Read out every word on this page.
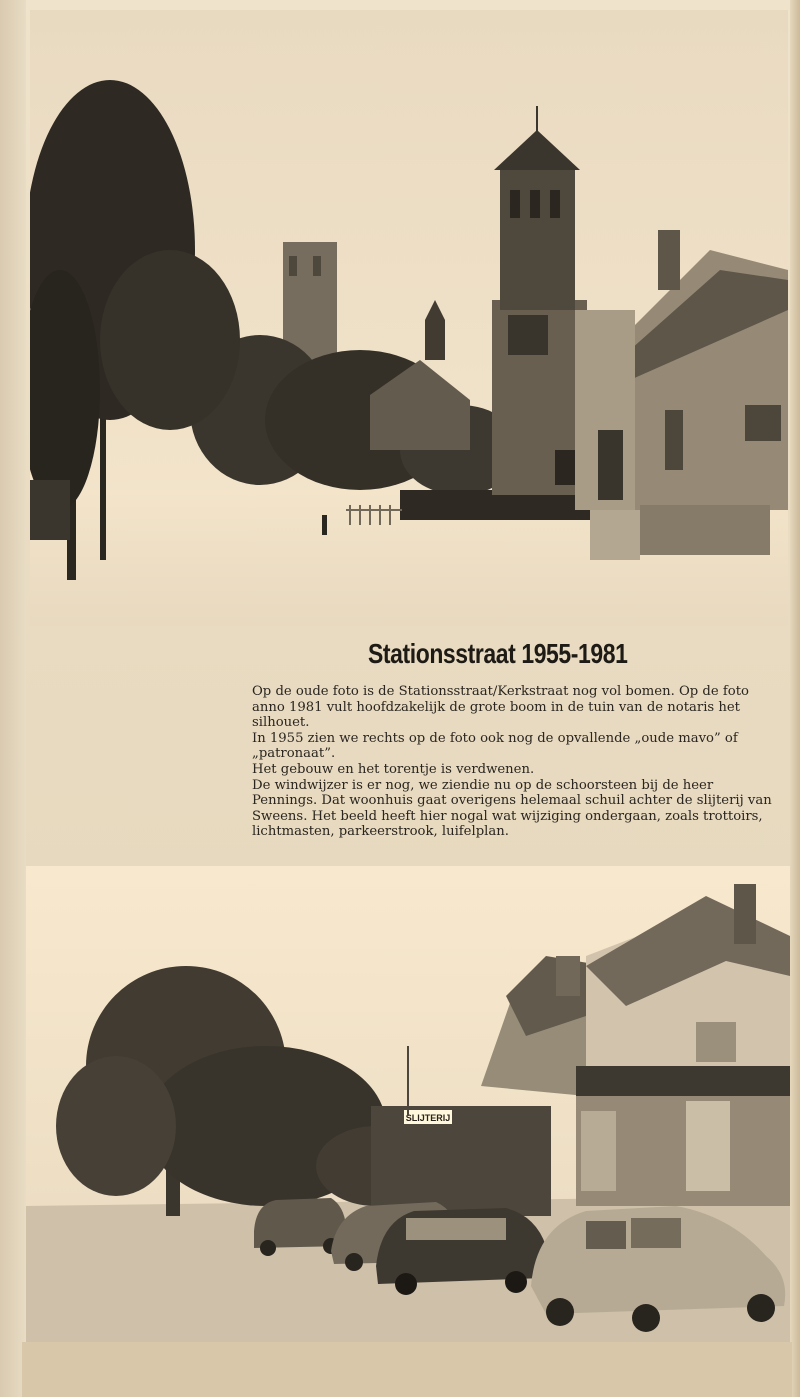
Stationsstraat 1955-1981

Op de oude foto is de Stationsstraat/Kerkstraat nog vol bomen. Op de foto anno 1981 vult hoofdzakelijk de grote boom in de tuin van de notaris het silhouet.

In 1955 zien we rechts op de foto ook nog de opvallende „oude mavo” of „patronaat”.

Het gebouw en het torentje is verdwenen.

De windwijzer is er nog, we ziendie nu op de schoorsteen bij de heer Pennings. Dat woonhuis gaat overigens helemaal schuil achter de slijterij van Sweens. Het beeld heeft hier nogal wat wijziging ondergaan, zoals trottoirs, lichtmasten, parkeerstrook, luifelplan.

SLIJTERIJ
